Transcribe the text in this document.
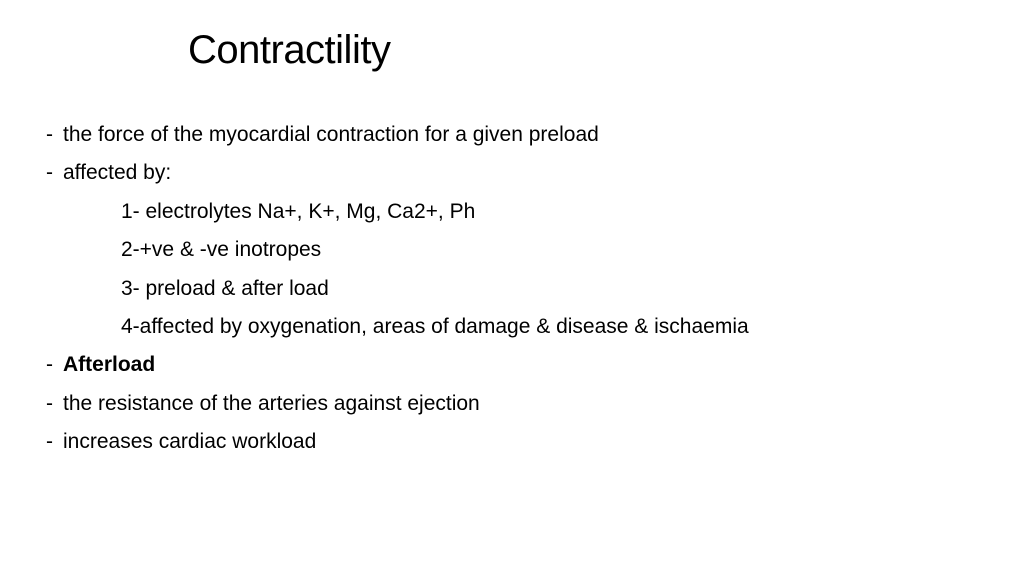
Contractility
- the force of the myocardial contraction for a given preload
- affected by:
1- electrolytes Na+, K+, Mg, Ca2+, Ph
2-+ve & -ve inotropes
3- preload & after load
4-affected by oxygenation, areas of damage & disease & ischaemia
- Afterload
- the resistance of the arteries against ejection
- increases cardiac workload
